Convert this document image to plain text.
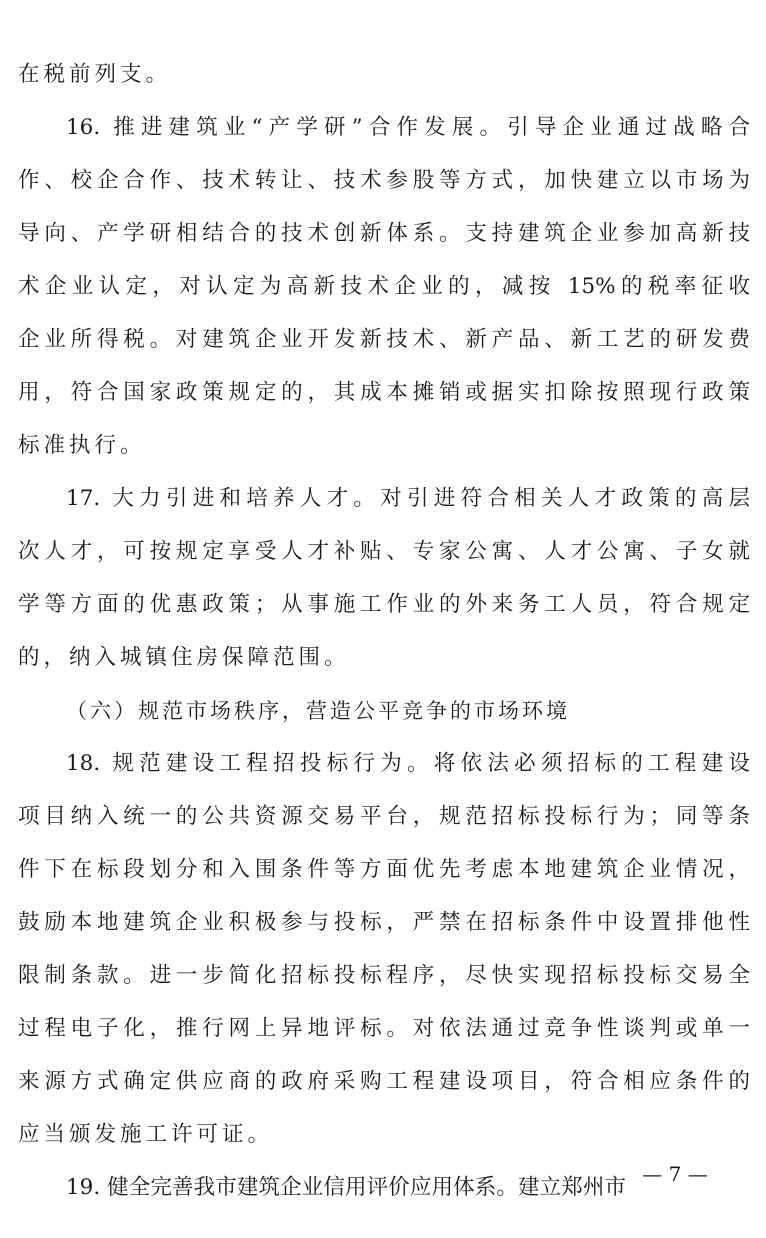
在税前列支。
16. 推进建筑业“产学研”合作发展。引导企业通过战略合
作、校企合作、技术转让、技术参股等方式，加快建立以市场为
导向、产学研相结合的技术创新体系。支持建筑企业参加高新技
术企业认定，对认定为高新技术企业的，减按 15%的税率征收
企业所得税。对建筑企业开发新技术、新产品、新工艺的研发费
用，符合国家政策规定的，其成本摊销或据实扣除按照现行政策
标准执行。
17. 大力引进和培养人才。对引进符合相关人才政策的高层
次人才，可按规定享受人才补贴、专家公寓、人才公寓、子女就
学等方面的优惠政策；从事施工作业的外来务工人员，符合规定
的，纳入城镇住房保障范围。
（六）规范市场秩序，营造公平竞争的市场环境
18. 规范建设工程招投标行为。将依法必须招标的工程建设
项目纳入统一的公共资源交易平台，规范招标投标行为；同等条
件下在标段划分和入围条件等方面优先考虑本地建筑企业情况，
鼓励本地建筑企业积极参与投标，严禁在招标条件中设置排他性
限制条款。进一步简化招标投标程序，尽快实现招标投标交易全
过程电子化，推行网上异地评标。对依法通过竞争性谈判或单一
来源方式确定供应商的政府采购工程建设项目，符合相应条件的
应当颁发施工许可证。
19. 健全完善我市建筑企业信用评价应用体系。建立郑州市
— 7 —
